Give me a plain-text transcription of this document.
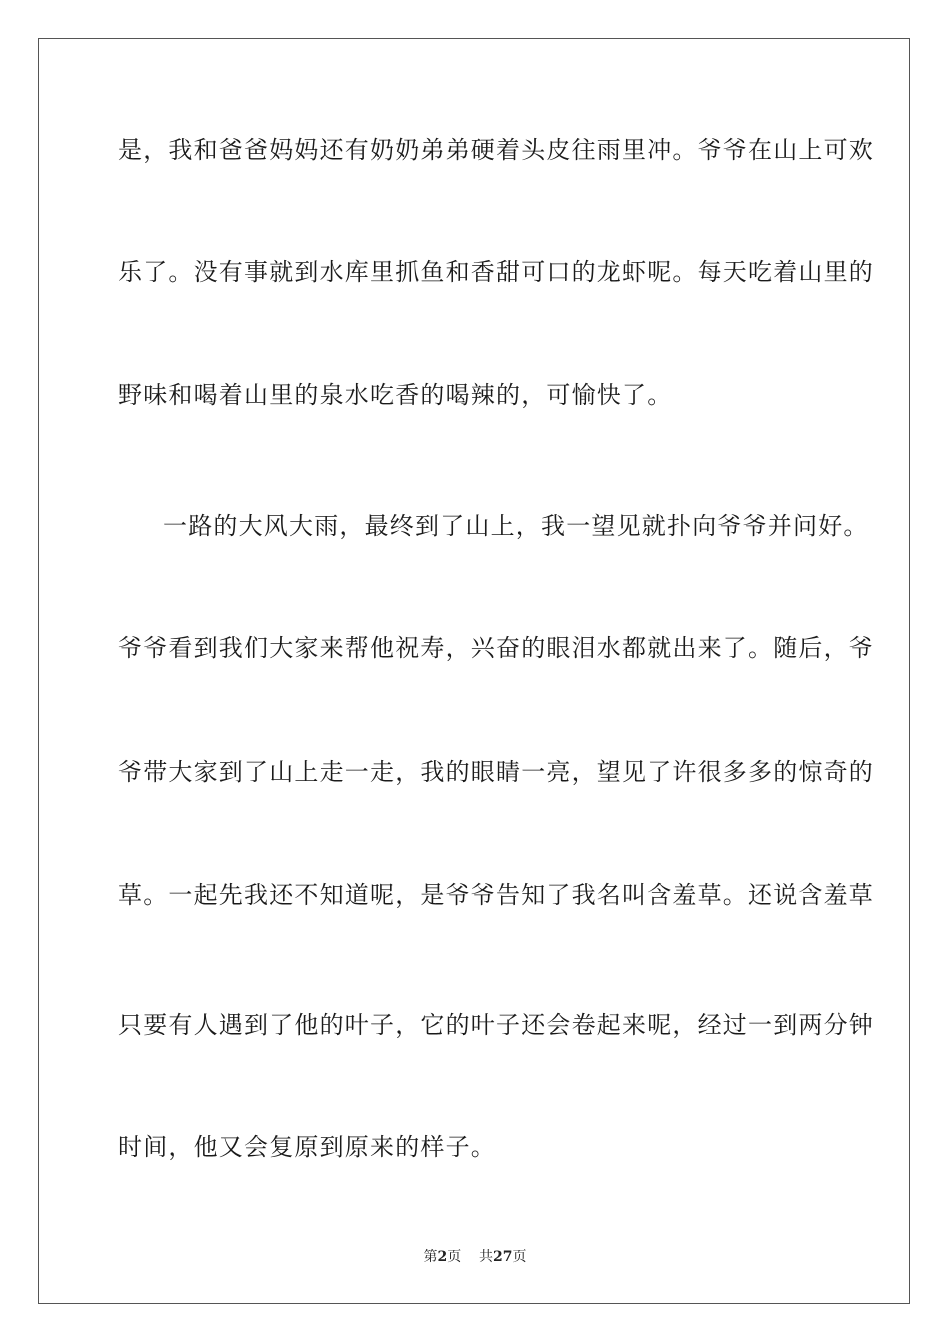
是，我和爸爸妈妈还有奶奶弟弟硬着头皮往雨里冲。爷爷在山上可欢
乐了。没有事就到水库里抓鱼和香甜可口的龙虾呢。每天吃着山里的
野味和喝着山里的泉水吃香的喝辣的，可愉快了。
一路的大风大雨，最终到了山上，我一望见就扑向爷爷并问好。
爷爷看到我们大家来帮他祝寿，兴奋的眼泪水都就出来了。随后，爷
爷带大家到了山上走一走，我的眼睛一亮，望见了许很多多的惊奇的
草。一起先我还不知道呢，是爷爷告知了我名叫含羞草。还说含羞草
只要有人遇到了他的叶子，它的叶子还会卷起来呢，经过一到两分钟
时间，他又会复原到原来的样子。
第2页 共27页
